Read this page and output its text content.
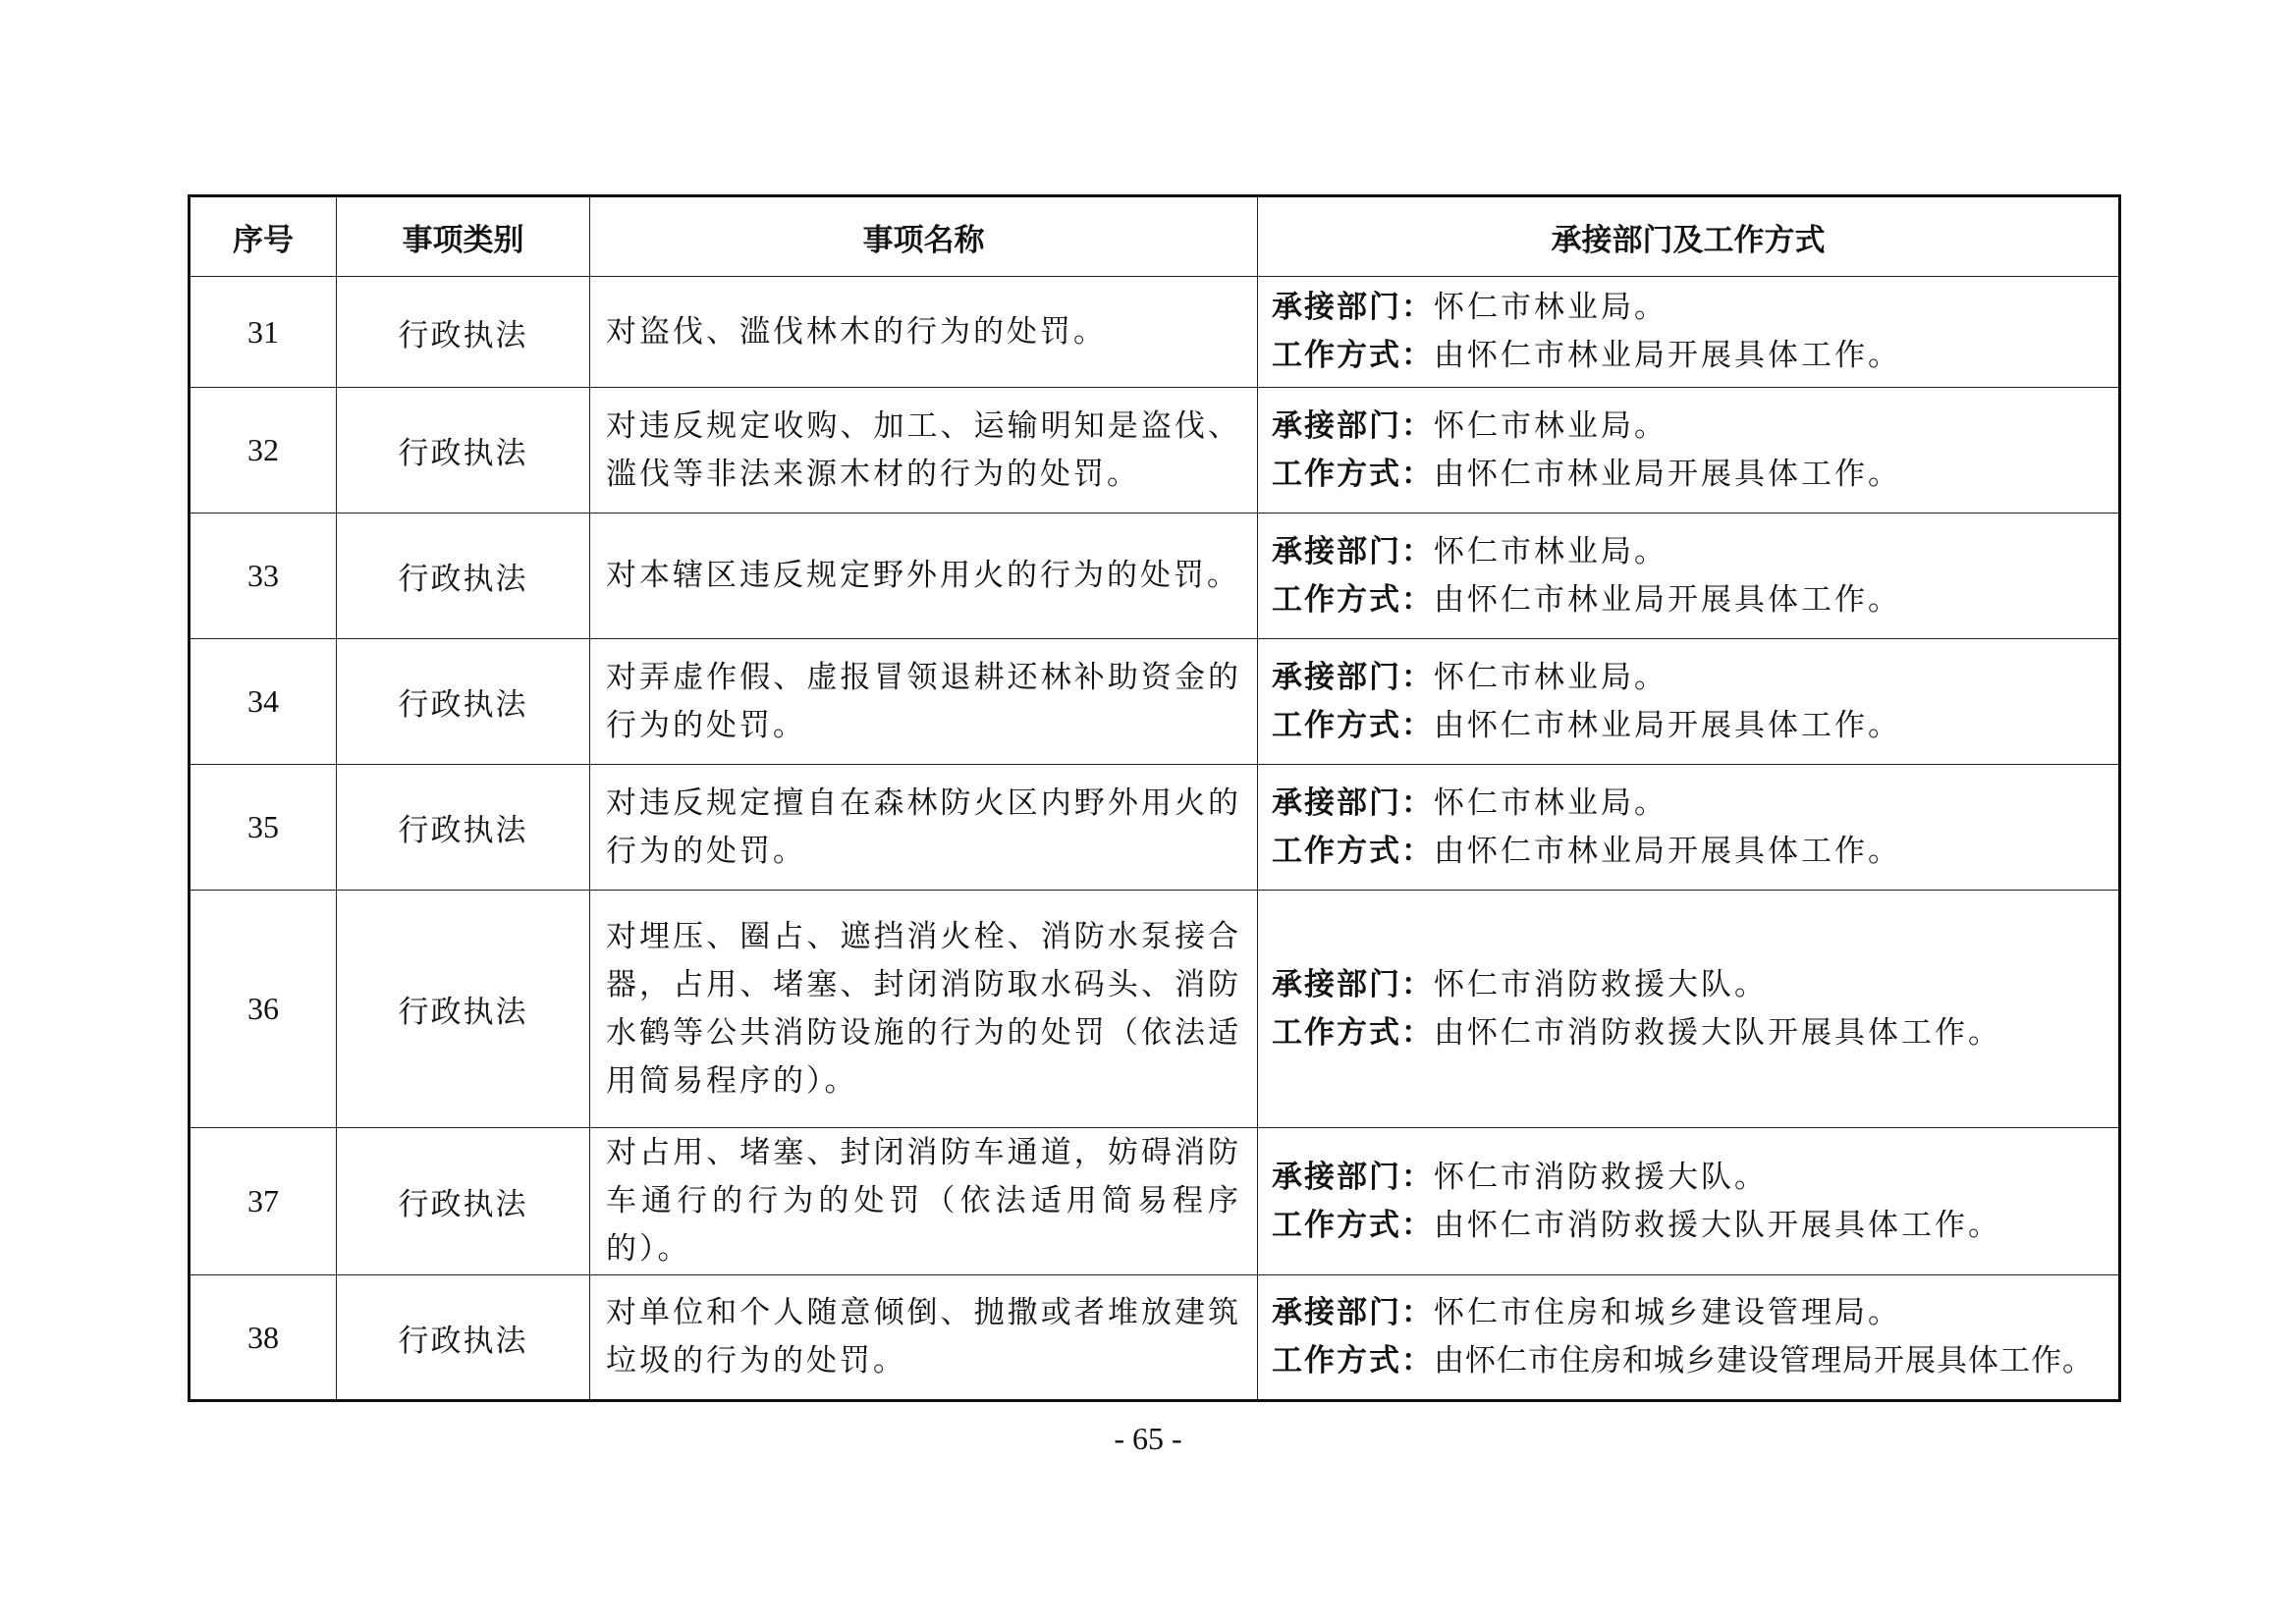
序号	事项类别	事项名称	承接部门及工作方式
31	行政执法	对盗伐、滥伐林木的行为的处罚。	承接部门：怀仁市林业局。
工作方式：由怀仁市林业局开展具体工作。

32	行政执法	对违反规定收购、加工、运输明知是盗伐、滥伐等非法来源木材的行为的处罚。	承接部门：怀仁市林业局。
工作方式：由怀仁市林业局开展具体工作。

33	行政执法	对本辖区违反规定野外用火的行为的处罚。	承接部门：怀仁市林业局。
工作方式：由怀仁市林业局开展具体工作。

34	行政执法	对弄虚作假、虚报冒领退耕还林补助资金的行为的处罚。	承接部门：怀仁市林业局。
工作方式：由怀仁市林业局开展具体工作。

35	行政执法	对违反规定擅自在森林防火区内野外用火的行为的处罚。	承接部门：怀仁市林业局。
工作方式：由怀仁市林业局开展具体工作。

36	行政执法	对埋压、圈占、遮挡消火栓、消防水泵接合器，占用、堵塞、封闭消防取水码头、消防水鹤等公共消防设施的行为的处罚（依法适用简易程序的）。	承接部门：怀仁市消防救援大队。
工作方式：由怀仁市消防救援大队开展具体工作。

37	行政执法	对占用、堵塞、封闭消防车通道，妨碍消防车通行的行为的处罚（依法适用简易程序的）。	承接部门：怀仁市消防救援大队。
工作方式：由怀仁市消防救援大队开展具体工作。

38	行政执法	对单位和个人随意倾倒、抛撒或者堆放建筑垃圾的行为的处罚。	承接部门：怀仁市住房和城乡建设管理局。
工作方式：由怀仁市住房和城乡建设管理局开展具体工作。
- 65 -
